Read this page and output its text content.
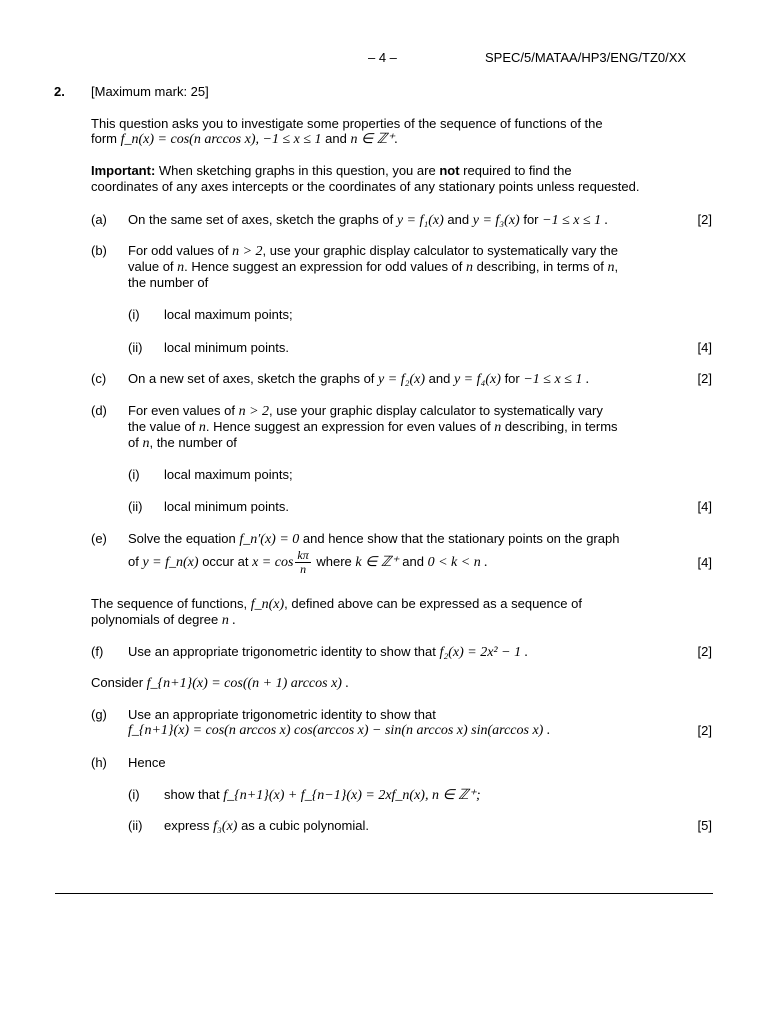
– 4 –	SPEC/5/MATAA/HP3/ENG/TZ0/XX
2. [Maximum mark: 25]
This question asks you to investigate some properties of the sequence of functions of the
form f_n(x) = cos(n arccos x), −1 ≤ x ≤ 1 and n ∈ ℤ⁺.
Important: When sketching graphs in this question, you are not required to find the
coordinates of any axes intercepts or the coordinates of any stationary points unless requested.
(a) On the same set of axes, sketch the graphs of y = f₁(x) and y = f₃(x) for −1 ≤ x ≤ 1 .	[2]
(b) For odd values of n > 2, use your graphic display calculator to systematically vary the
value of n. Hence suggest an expression for odd values of n describing, in terms of n,
the number of
(i) local maximum points;
(ii) local minimum points.	[4]
(c) On a new set of axes, sketch the graphs of y = f₂(x) and y = f₄(x) for −1 ≤ x ≤ 1 .	[2]
(d) For even values of n > 2, use your graphic display calculator to systematically vary
the value of n. Hence suggest an expression for even values of n describing, in terms
of n, the number of
(i) local maximum points;
(ii) local minimum points.	[4]
(e) Solve the equation f_n′(x) = 0 and hence show that the stationary points on the graph
of y = f_n(x) occur at $x = \cos \frac{k\pi}{n}$ where k ∈ ℤ⁺ and 0 < k < n .	[4]
The sequence of functions, f_n(x), defined above can be expressed as a sequence of
polynomials of degree n .
(f) Use an appropriate trigonometric identity to show that f₂(x) = 2x² − 1 .	[2]
Consider f_{n+1}(x) = cos((n + 1) arccos x) .
(g) Use an appropriate trigonometric identity to show that
f_{n+1}(x) = cos(n arccos x) cos(arccos x) − sin(n arccos x) sin(arccos x) .	[2]
(h) Hence
(i) show that f_{n+1}(x) + f_{n−1}(x) = 2xf_n(x), n ∈ ℤ⁺;
(ii) express f₃(x) as a cubic polynomial.	[5]
